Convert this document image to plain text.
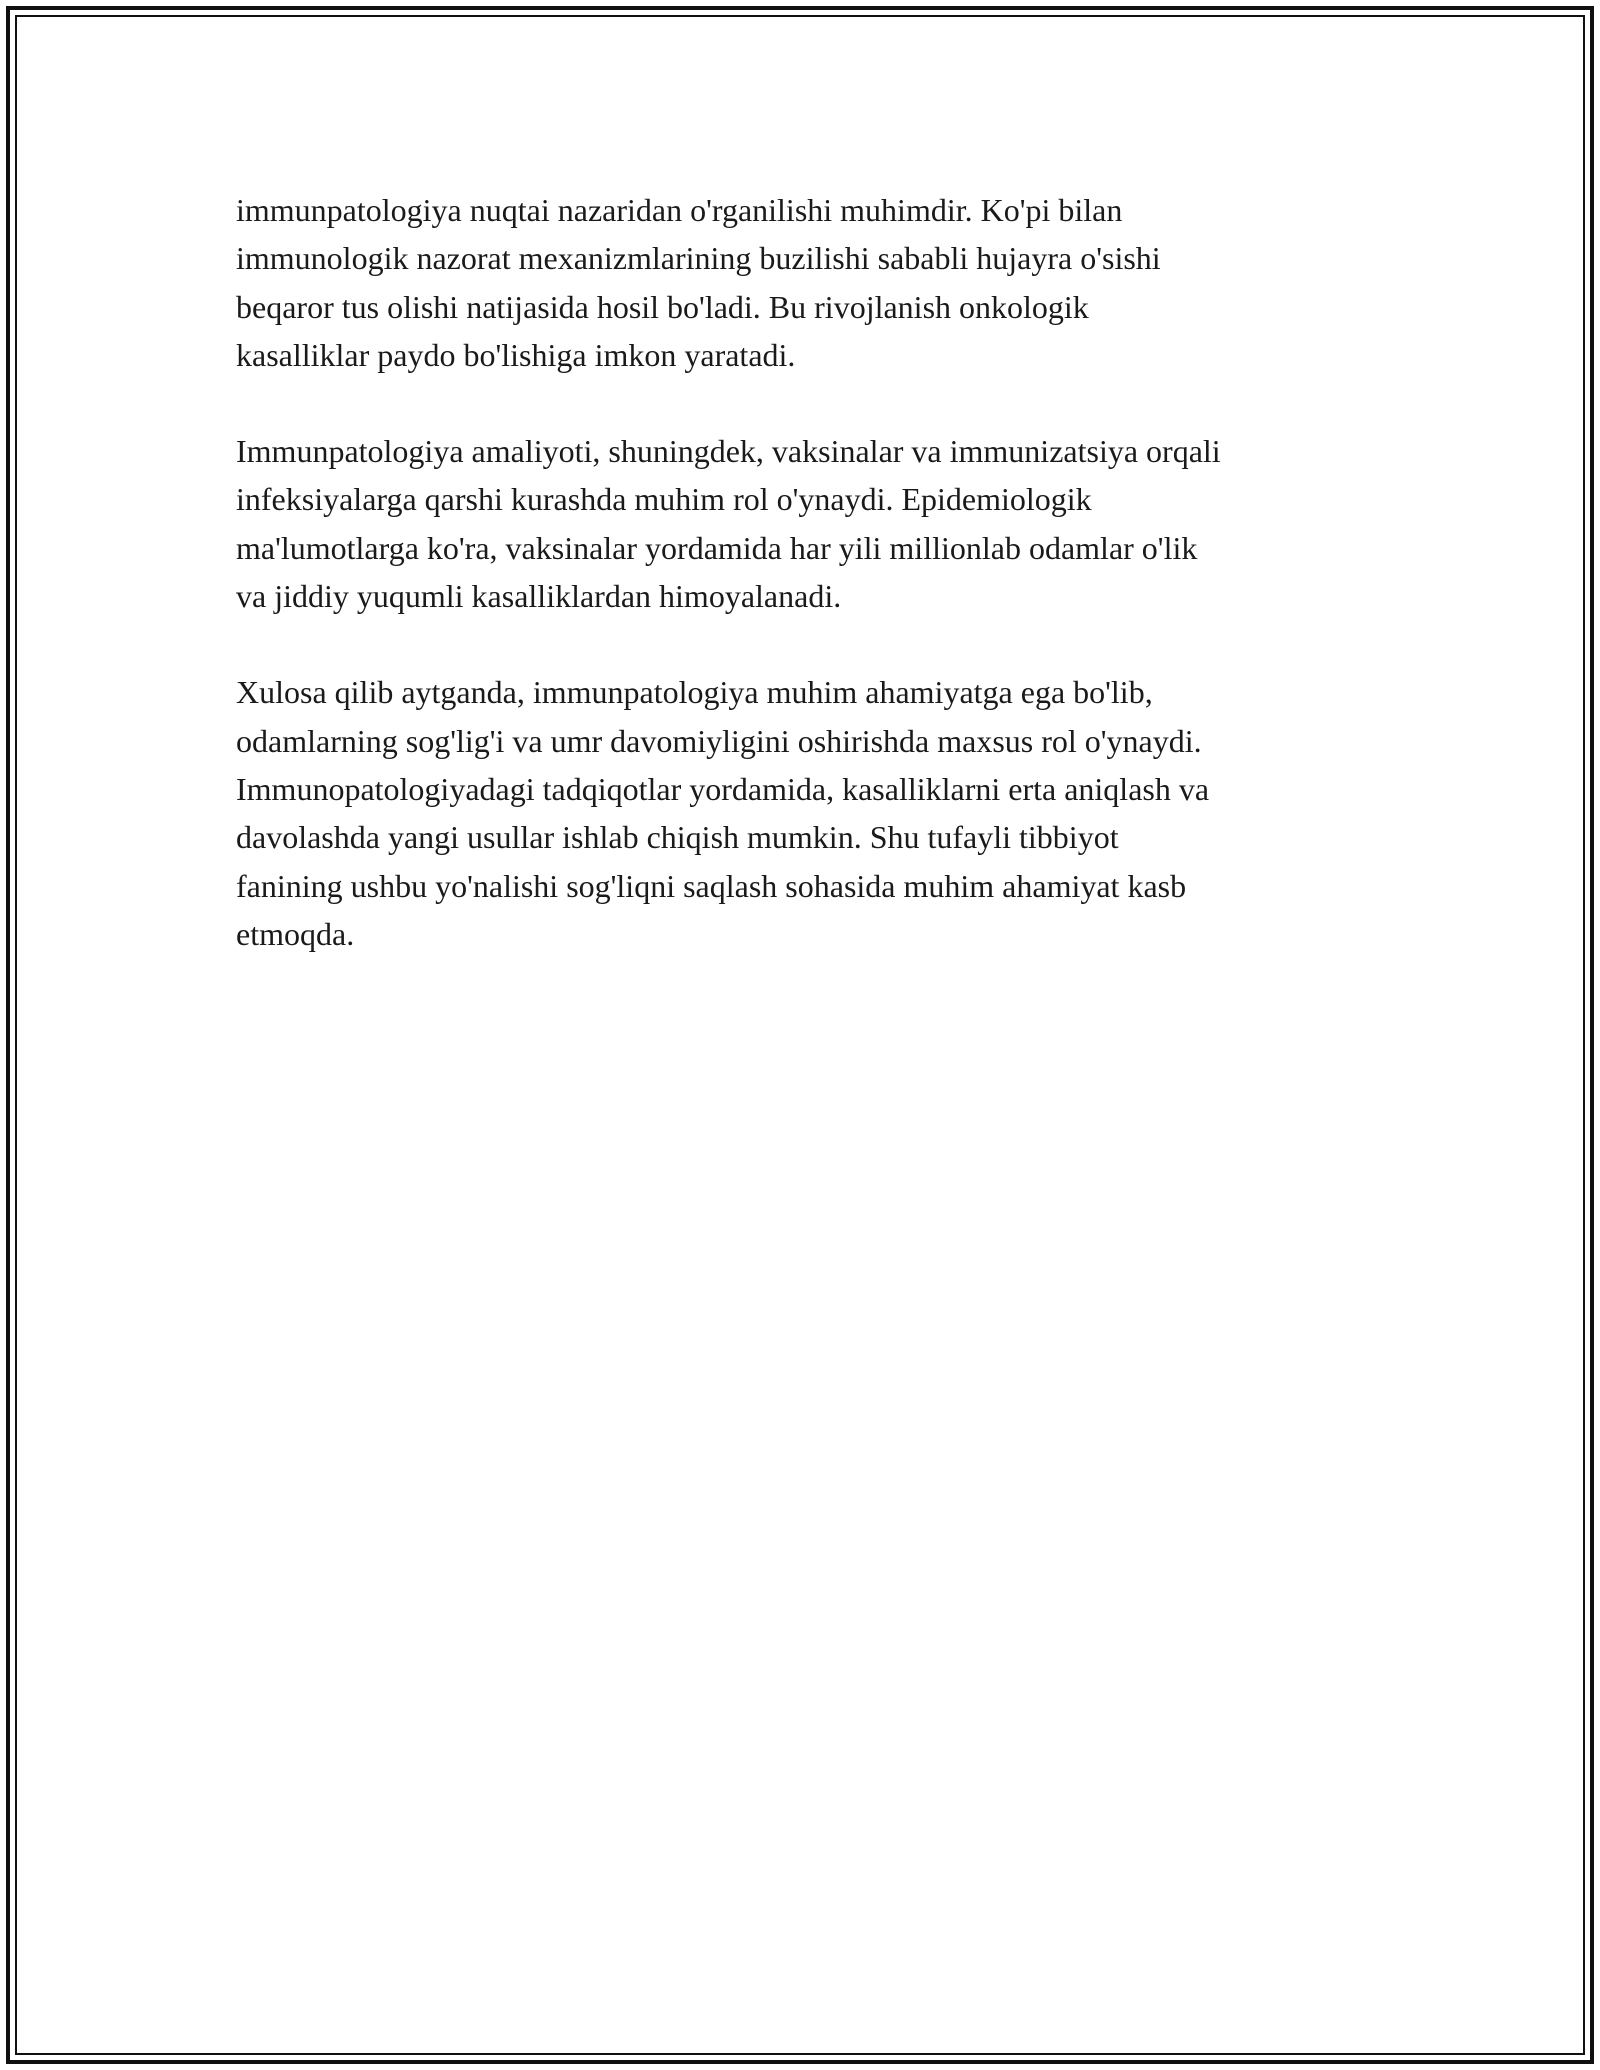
immunpatologiya nuqtai nazaridan o'rganilishi muhimdir. Ko'pi bilan
immunologik nazorat mexanizmlarining buzilishi sababli hujayra o'sishi
beqaror tus olishi natijasida hosil bo'ladi. Bu rivojlanish onkologik
kasalliklar paydo bo'lishiga imkon yaratadi.

Immunpatologiya amaliyoti, shuningdek, vaksinalar va immunizatsiya orqali
infeksiyalarga qarshi kurashda muhim rol o'ynaydi. Epidemiologik
ma'lumotlarga ko'ra, vaksinalar yordamida har yili millionlab odamlar o'lik
va jiddiy yuqumli kasalliklardan himoyalanadi.

Xulosa qilib aytganda, immunpatologiya muhim ahamiyatga ega bo'lib,
odamlarning sog'lig'i va umr davomiyligini oshirishda maxsus rol o'ynaydi.
Immunopatologiyadagi tadqiqotlar yordamida, kasalliklarni erta aniqlash va
davolashda yangi usullar ishlab chiqish mumkin. Shu tufayli tibbiyot
fanining ushbu yo'nalishi sog'liqni saqlash sohasida muhim ahamiyat kasb
etmoqda.
